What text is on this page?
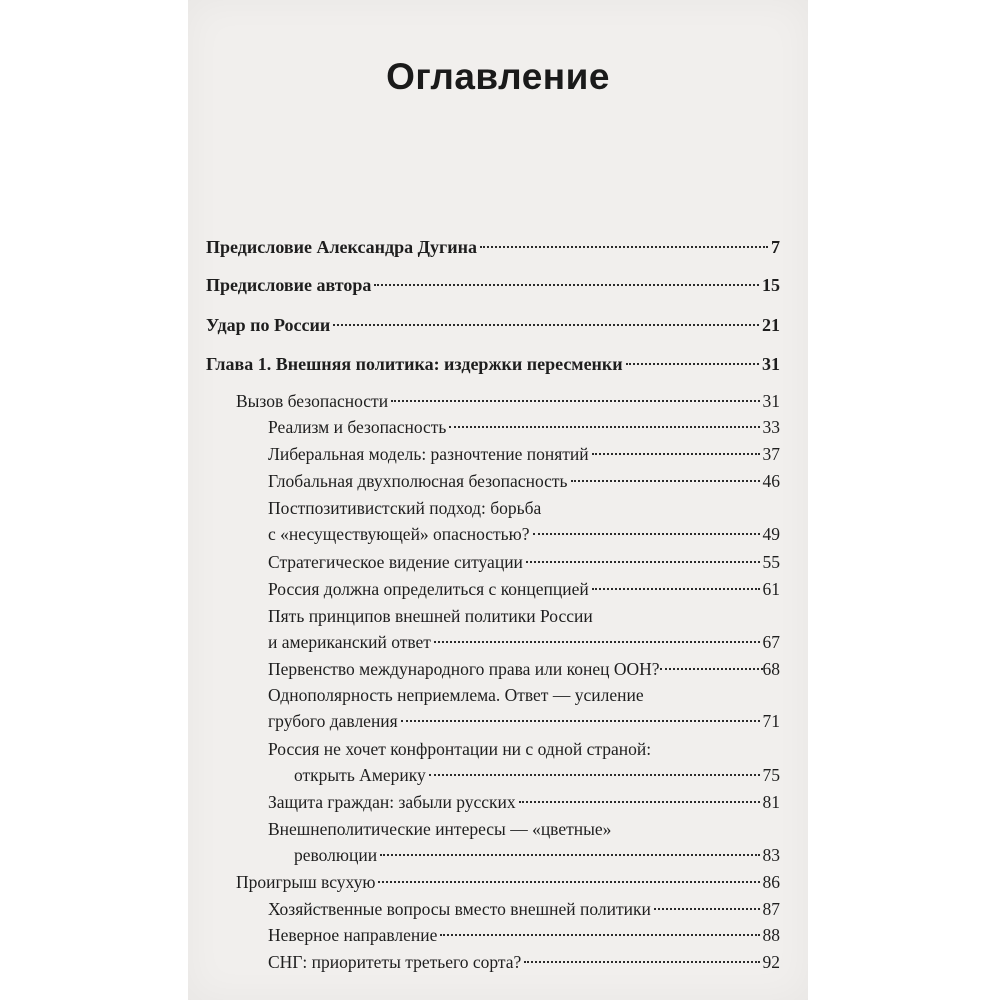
Оглавление
Предисловие Александра Дугина	7
Предисловие автора	15
Удар по России	21
Глава 1. Внешняя политика: издержки пересменки	31
Вызов безопасности	31
Реализм и безопасность	33
Либеральная модель: разночтение понятий	37
Глобальная двухполюсная безопасность	46
Постпозитивистский подход: борьба
с «несуществующей» опасностью?	49
Стратегическое видение ситуации	55
Россия должна определиться с концепцией	61
Пять принципов внешней политики России
и американский ответ	67
Первенство международного права или конец ООН?	68
Однополярность неприемлема. Ответ — усиление
грубого давления	71
Россия не хочет конфронтации ни с одной страной:
открыть Америку	75
Защита граждан: забыли русских	81
Внешнеполитические интересы — «цветные»
революции	83
Проигрыш всухую	86
Хозяйственные вопросы вместо внешней политики	87
Неверное направление	88
СНГ: приоритеты третьего сорта?	92
